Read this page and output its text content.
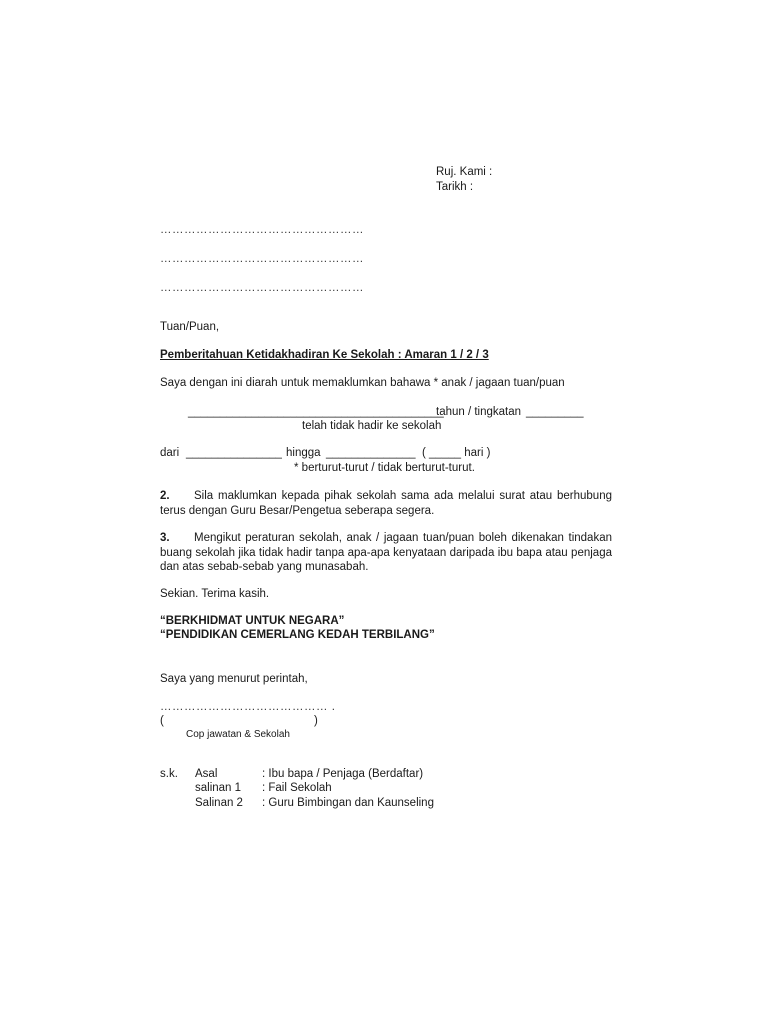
Ruj. Kami :
Tarikh :
……………………………………………
……………………………………………
……………………………………………
Tuan/Puan,
Pemberitahuan Ketidakhadiran Ke Sekolah : Amaran 1 / 2 / 3
Saya dengan ini diarah untuk memaklumkan bahawa * anak / jagaan tuan/puan
________________________________________
tahun / tingkatan _________
telah tidak hadir ke sekolah
dari _______________ hingga ______________ ( _____ hari )
* berturut-turut / tidak berturut-turut.
2. Sila maklumkan kepada pihak sekolah sama ada melalui surat atau berhubung terus dengan Guru Besar/Pengetua seberapa segera.
3. Mengikut peraturan sekolah, anak / jagaan tuan/puan boleh dikenakan tindakan buang sekolah jika tidak hadir tanpa apa-apa kenyataan daripada ibu bapa atau penjaga dan atas sebab-sebab yang munasabah.
Sekian. Terima kasih.
“BERKHIDMAT UNTUK NEGARA”
“PENDIDIKAN CEMERLANG KEDAH TERBILANG”
Saya yang menurut perintah,
…………………………………… .
(	)
Cop jawatan & Sekolah
s.k. Asal	: Ibu bapa / Penjaga (Berdaftar)
salinan 1 : Fail Sekolah
Salinan 2 : Guru Bimbingan dan Kaunseling
